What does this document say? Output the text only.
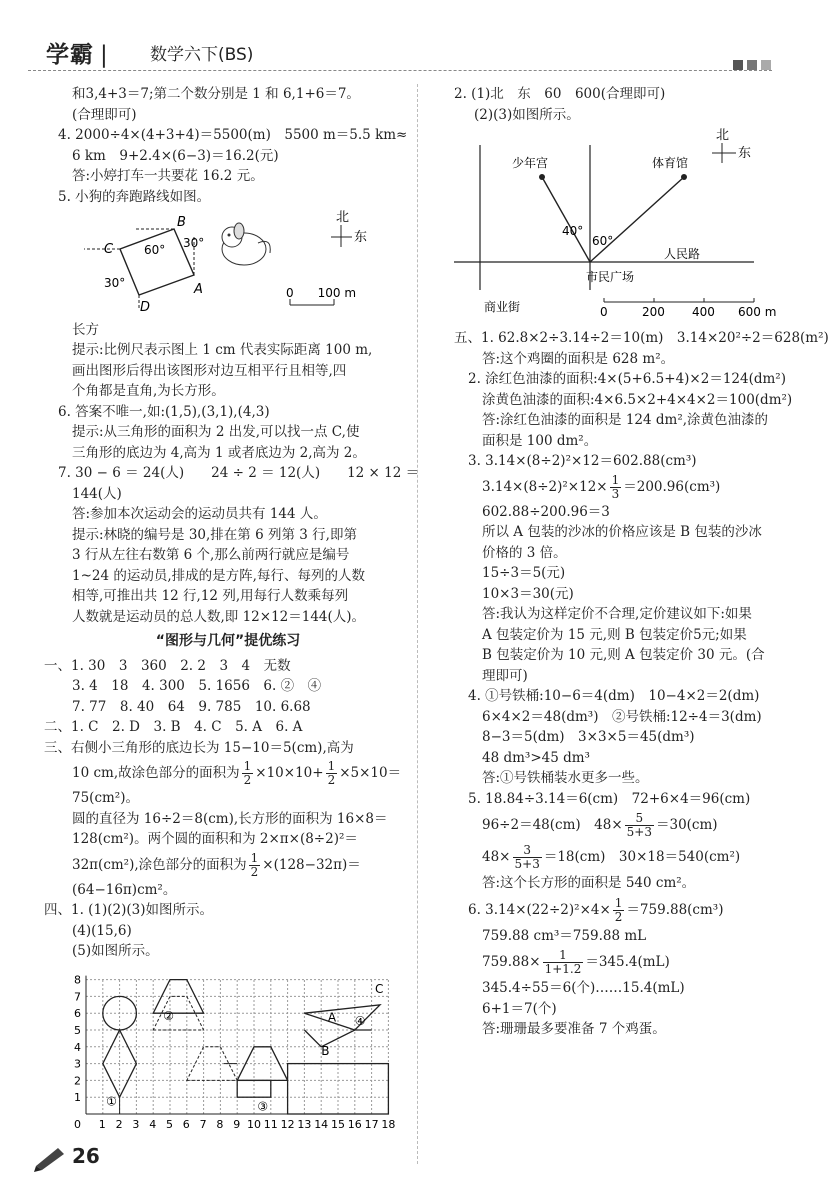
学霸 |	数学六下(BS)
和3,4+3＝7;第二个数分别是 1 和 6,1+6＝7。
(合理即可)
4. 2000÷4×(4+3+4)＝5500(m)　5500 m＝5.5 km≈
6 km　9+2.4×(6−3)＝16.2(元)
答:小婷打车一共要花 16.2 元。
5. 小狗的奔跑路线如图。
B
C
A
D
30°
60°
30°
北
东
0　　100 m
长方
提示:比例尺表示图上 1 cm 代表实际距离 100 m,
画出图形后得出该图形对边互相平行且相等,四
个角都是直角,为长方形。
6. 答案不唯一,如:(1,5),(3,1),(4,3)
提示:从三角形的面积为 2 出发,可以找一点 C,使
三角形的底边为 4,高为 1 或者底边为 2,高为 2。
7. 30 − 6 ＝ 24(人)　　24 ÷ 2 ＝ 12(人)　　12 × 12 ＝
144(人)
答:参加本次运动会的运动员共有 144 人。
提示:林晓的编号是 30,排在第 6 列第 3 行,即第
3 行从左往右数第 6 个,那么前两行就应是编号
1~24 的运动员,排成的是方阵,每行、每列的人数
相等,可推出共 12 行,12 列,用每行人数乘每列
人数就是运动员的总人数,即 12×12＝144(人)。
“图形与几何”提优练习
一、1. 30　3　360　2. 2　3　4　无数
3. 4　18　4. 300　5. 1656　6. ②　④
7. 77　8. 40　64　9. 785　10. 6.68
二、1. C　2. D　3. B　4. C　5. A　6. A
三、右侧小三角形的底边长为 15−10＝5(cm),高为
10 cm,故涂色部分的面积为 $\frac{1}{2} \times 10\times 10+ \frac{1}{2} \times 5\times 10=$
75(cm²)。
圆的直径为 16÷2＝8(cm),长方形的面积为 16×8＝
128(cm²)。两个圆的面积和为 2×π×(8÷2)²＝
32π(cm²),涂色部分的面积为 $\frac{1}{2} \times(128-32\pi)=$
(64−16π)cm²。
四、1. (1)(2)(3)如图所示。
(4)(15,6)
(5)如图所示。
0 1 2 3 4 5 6 7 8 9 10 11 12 13 14 15 16 17 18
8
7
6
5
4
3
2
1 ①
②
③
④
A
B
C
2. (1)北　东　60　600(合理即可)
(2)(3)如图所示。
少年宫	体育馆
40°
60°
人民路
市民广场
商业街
北
东

0	200 400 600 m
五、1. 62.8×2÷3.14÷2＝10(m)　3.14×20²÷2＝628(m²)
答:这个鸡圈的面积是 628 m²。
2. 涂红色油漆的面积:4×(5+6.5+4)×2＝124(dm²)
涂黄色油漆的面积:4×6.5×2+4×4×2＝100(dm²)
答:涂红色油漆的面积是 124 dm²,涂黄色油漆的
面积是 100 dm²。
3. 3.14×(8÷2)²×12＝602.88(cm³)
$3.14\times(8\div 2)^2\times 12\times \frac{1}{3} =200.96(cm^3)$
602.88÷200.96＝3
所以 A 包装的沙冰的价格应该是 B 包装的沙冰
价格的 3 倍。
15÷3＝5(元)
10×3＝30(元)
答:我认为这样定价不合理,定价建议如下:如果
A 包装定价为 15 元,则 B 包装定价5元;如果
B 包装定价为 10 元,则 A 包装定价 30 元。(合
理即可)
4. ①号铁桶:10−6＝4(dm)　10−4×2＝2(dm)
6×4×2＝48(dm³)　②号铁桶:12÷4＝3(dm)
8−3＝5(dm)　3×3×5＝45(dm³)
48 dm³>45 dm³
答:①号铁桶装水更多一些。
5. 18.84÷3.14＝6(cm)　72+6×4＝96(cm)
96÷2＝48(cm)　$48\times \frac{5}{5+3} =30(cm)$
$48\times \frac{3}{5+3} =18(cm)$　30×18＝540(cm²)
答:这个长方形的面积是 540 cm²。
6. $3.14\times(22\div 2)^2\times 4\times \frac{1}{2} =759.88(cm^3)$
759.88 cm³＝759.88 mL
$759.88\times \frac{1}{1+1.2} =345.4(mL)$
345.4÷55＝6(个)……15.4(mL)
6+1＝7(个)
答:珊珊最多要准备 7 个鸡蛋。
26
